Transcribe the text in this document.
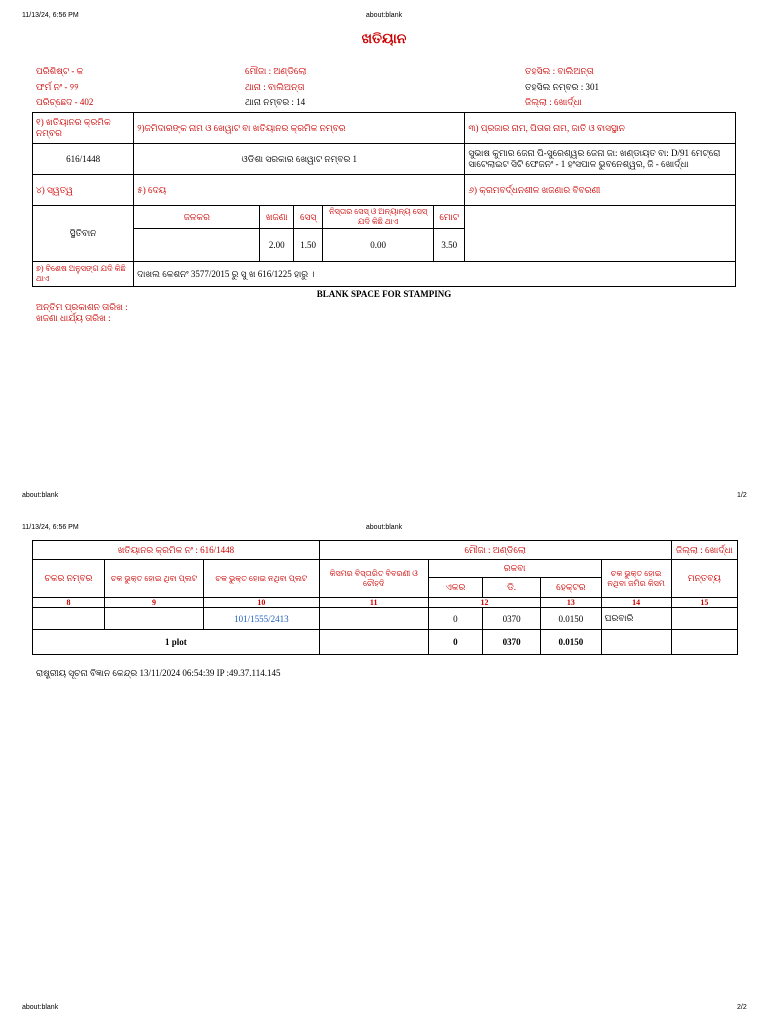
11/13/24, 6:56 PM	about:blank
ଖତିୟାନ
ପରିଶିଷ୍ଟ - କ
ଫର୍ମ ନଂ - ୨୨
ପରିଚ୍ଛେଦ - 402
ମୌଜା : ଅଣ୍ଡିଲୋ
ଥାନା : ବାଲିଅନ୍ତା
ଥାନା ନମ୍ବର : 14
ତହସିଲ : ବାଲିଅନ୍ତା
ତହସିଲ ନମ୍ବର : 301
ଜିଲ୍ଲା : ଖୋର୍ଦ୍ଧା
୧) ଖତିୟାନର କ୍ରମିକ ନମ୍ବର	୨)ଜମିଦାରଙ୍କ ନାମ ଓ ଖେୱାଟ ବା ଖତିୟାନର କ୍ରମିକ ନମ୍ବର					୩) ପ୍ରଜାର ନାମ, ପିତାର ନାମ, ଜାତି ଓ ବାସସ୍ଥାନ
616/1448	ଓଡିଶା ସରକାର ଖେୱାଟ ନମ୍ବର 1					ସୁଭାଷ କୁମାର ଜେନା ପି-ସୁରେଶ୍ୱର ଜେନା ଜା: ଖଣ୍ଡାୟତ ବା: D/91 ମେଟ୍ରୋ
ସାଟେଲାଇଟ ସିଟି ଫେଜନଂ - 1 ହଂସପାଳ ଭୁବନେଶ୍ୱର, ଜି - ଖୋର୍ଦ୍ଧା

୪) ସ୍ୱତ୍ୱ	୫) ଦେୟ					୬) କ୍ରମବର୍ଦ୍ଧନଶୀଳ ଖଜଣାର ବିବରଣୀ
ସ୍ଥିତିବାନ	ଜଳକର	ଖଜଣା	ସେସ୍	ନିସ୍ତାର ସେସ୍ ଓ ଅନ୍ୟାନ୍ୟ ସେସ୍ ଯଦି କିଛି ଥାଏ	ମୋଟ	
		2.00	1.50	0.00	3.50	
୭) ବିଶେଷ ଅନୁସଙ୍ଗ ଯଦି କିଛି ଥାଏ	ଦାଖଲ କେଶନଂ 3577/2015 ରୁ ସୁ ଖ 616/1225 ହାରୁ ।					
BLANK SPACE FOR STAMPING
ଅନ୍ତିମ ପ୍ରକାଶନ ତାରିଖ :
ଖଜଣା ଧାର୍ଯ୍ୟ ତାରିଖ :
about:blank	1/2
11/13/24, 6:56 PM	about:blank
ଖତିୟାନର କ୍ରମିକ ନଂ : 616/1448			ମୌଜା : ଅଣ୍ଡିଲୋ					ଜିଲ୍ଲା : ଖୋର୍ଦ୍ଧା
ଚକର ନମ୍ବର	ଚକ ଭୁକ୍ତ ହୋଇ ଥିବା ପ୍ଲଟ	ଚକ ଭୁକ୍ତ ହୋଇ ନଥିବା ପ୍ଲଟ	କିସମର ବିସ୍ତାରିତ ବିବରଣୀ ଓ ଚୌହଦି	ରକବା			ଚକ ଭୁକ୍ତ ହୋଇ ନଥିବା ଜମିର କିସମ	ମନ୍ତବ୍ୟ
				ଏକର	ଡି.	ହେକ୍ଟର		
8	9	10	11	12		13	14	15
		101/1555/2413		0	0370	0.0150	ଘରବାରି	
1 plot				0	0370	0.0150		
ରାଷ୍ଟ୍ରୀୟ ସୂଚନା ବିଜ୍ଞାନ କେନ୍ଦ୍ର 13/11/2024 06:54:39 IP :49.37.114.145
about:blank	2/2
